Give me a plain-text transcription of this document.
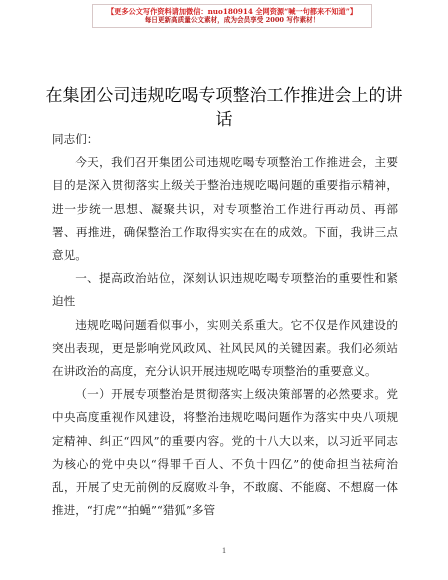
【更多公文写作资料请加微信：nuo180914 全网资源“喊一句都来不知道”】
每日更新高质量公文素材，成为会员享受 2000 写作素材！
在集团公司违规吃喝专项整治工作推进会上的讲话

同志们：

今天，我们召开集团公司违规吃喝专项整治工作推进会，主要目的是深入贯彻落实上级关于整治违规吃喝问题的重要指示精神，进一步统一思想、凝聚共识，对专项整治工作进行再动员、再部署、再推进，确保整治工作取得实实在在的成效。下面，我讲三点意见。

一、提高政治站位，深刻认识违规吃喝专项整治的重要性和紧迫性

违规吃喝问题看似事小，实则关系重大。它不仅是作风建设的突出表现，更是影响党风政风、社风民风的关键因素。我们必须站在讲政治的高度，充分认识开展违规吃喝专项整治的重要意义。

（一）开展专项整治是贯彻落实上级决策部署的必然要求。党中央高度重视作风建设，将整治违规吃喝问题作为落实中央八项规定精神、纠正“四风”的重要内容。党的十八大以来，以习近平同志为核心的党中央以“得罪千百人、不负十四亿”的使命担当祛疴治乱，开展了史无前例的反腐败斗争，不敢腐、不能腐、不想腐一体推进，“打虎”“拍蝇”“猎狐”多管

1
